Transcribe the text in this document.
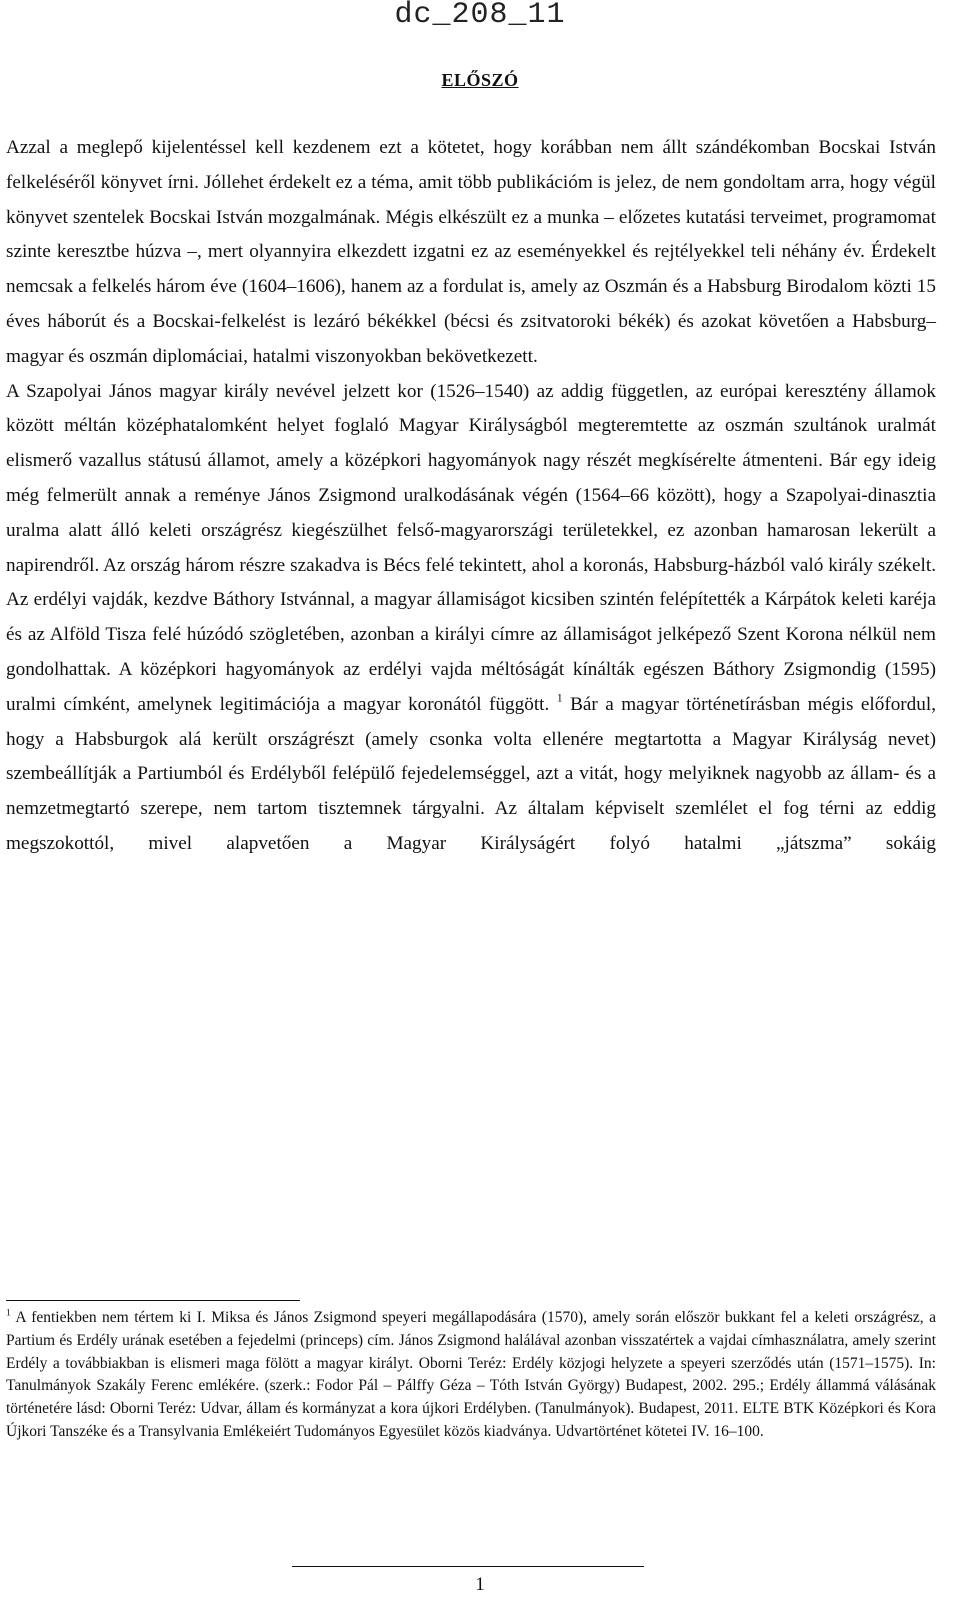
dc_208_11
ELŐSZÓ

Azzal a meglepő kijelentéssel kell kezdenem ezt a kötetet, hogy korábban nem állt szándékomban Bocskai István felkeléséről könyvet írni. Jóllehet érdekelt ez a téma, amit több publikációm is jelez, de nem gondoltam arra, hogy végül könyvet szentelek Bocskai István mozgalmának. Mégis elkészült ez a munka – előzetes kutatási terveimet, programomat szinte keresztbe húzva –, mert olyannyira elkezdett izgatni ez az eseményekkel és rejtélyekkel teli néhány év. Érdekelt nemcsak a felkelés három éve (1604–1606), hanem az a fordulat is, amely az Oszmán és a Habsburg Birodalom közti 15 éves háborút és a Bocskai-felkelést is lezáró békékkel (bécsi és zsitvatoroki békék) és azokat követően a Habsburg–magyar és oszmán diplomáciai, hatalmi viszonyokban bekövetkezett.

A Szapolyai János magyar király nevével jelzett kor (1526–1540) az addig független, az európai keresztény államok között méltán középhatalomként helyet foglaló Magyar Királyságból megteremtette az oszmán szultánok uralmát elismerő vazallus státusú államot, amely a középkori hagyományok nagy részét megkísérelte átmenteni. Bár egy ideig még felmerült annak a reménye János Zsigmond uralkodásának végén (1564–66 között), hogy a Szapolyai-dinasztia uralma alatt álló keleti országrész kiegészülhet felső-magyarországi területekkel, ez azonban hamarosan lekerült a napirendről. Az ország három részre szakadva is Bécs felé tekintett, ahol a koronás, Habsburg-házból való király székelt. Az erdélyi vajdák, kezdve Báthory Istvánnal, a magyar államiságot kicsiben szintén felépítették a Kárpátok keleti karéja és az Alföld Tisza felé húzódó szögletében, azonban a királyi címre az államiságot jelképező Szent Korona nélkül nem gondolhattak. A középkori hagyományok az erdélyi vajda méltóságát kínálták egészen Báthory Zsigmondig (1595) uralmi címként, amelynek legitimációja a magyar koronától függött. $^1$ Bár a magyar történetírásban mégis előfordul, hogy a Habsburgok alá került országrészt (amely csonka volta ellenére megtartotta a Magyar Királyság nevet) szembeállítják a Partiumból és Erdélyből felépülő fejedelemséggel, azt a vitát, hogy melyiknek nagyobb az állam- és a nemzetmegtartó szerepe, nem tartom tisztemnek tárgyalni. Az általam képviselt szemlélet el fog térni az eddig megszokottól, mivel alapvetően a Magyar Királyságért folyó hatalmi „játszma” sokáig

$^1$ A fentiekben nem tértem ki I. Miksa és János Zsigmond speyeri megállapodására (1570), amely során először bukkant fel a keleti országrész, a Partium és Erdély urának esetében a fejedelmi (princeps) cím. János Zsigmond halálával azonban visszatértek a vajdai címhasználatra, amely szerint Erdély a továbbiakban is elismeri maga fölött a magyar királyt. Oborni Teréz: Erdély közjogi helyzete a speyeri szerződés után (1571–1575). In: Tanulmányok Szakály Ferenc emlékére. (szerk.: Fodor Pál – Pálffy Géza – Tóth István György) Budapest, 2002. 295.; Erdély állammá válásának történetére lásd: Oborni Teréz: Udvar, állam és kormányzat a kora újkori Erdélyben. (Tanulmányok). Budapest, 2011. ELTE BTK Középkori és Kora Újkori Tanszéke és a Transylvania Emlékeiért Tudományos Egyesület közös kiadványa. Udvartörténet kötetei IV. 16–100.
1
